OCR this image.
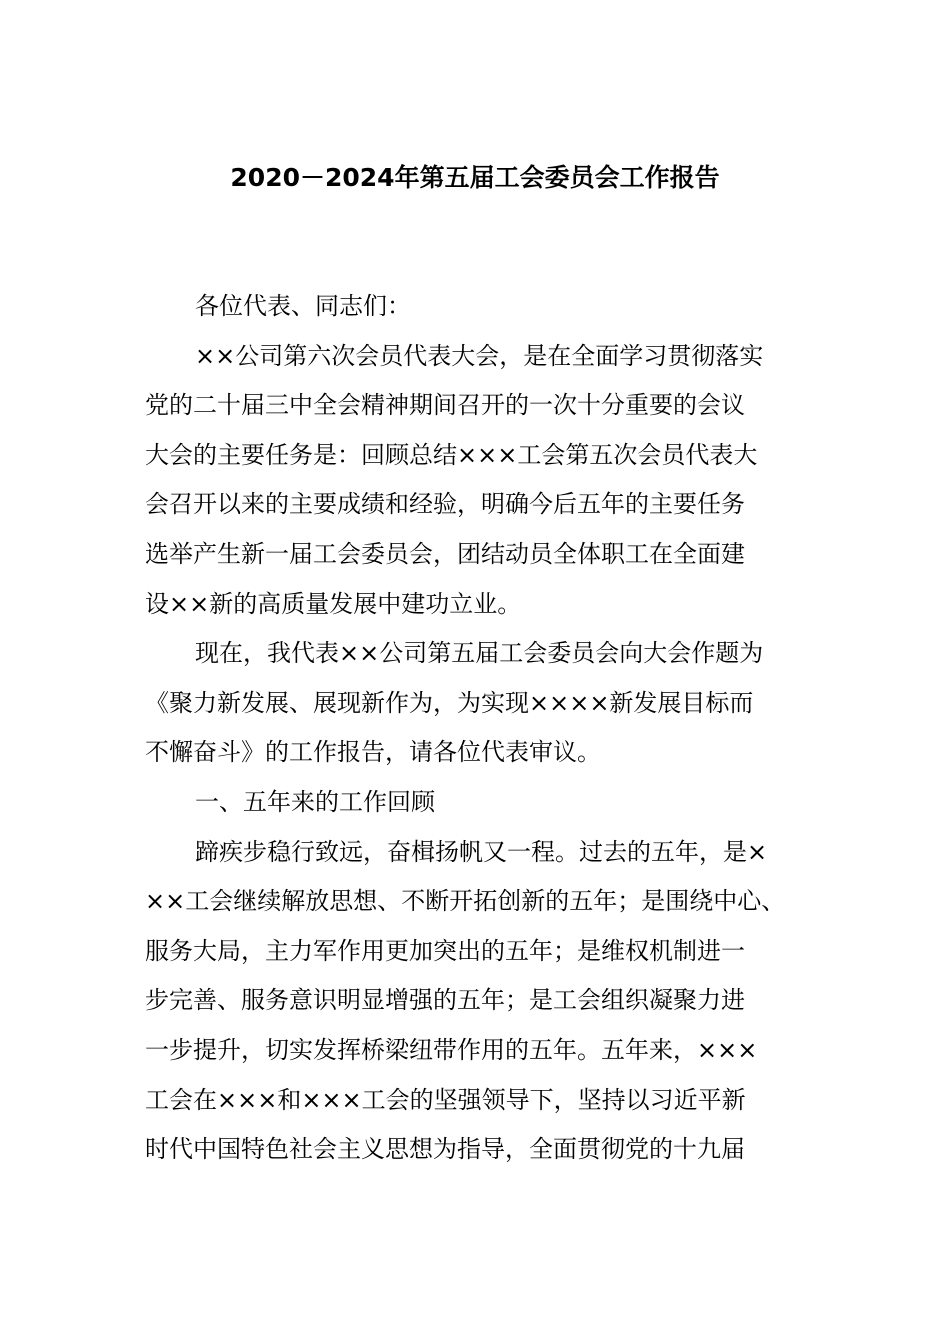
2020－2024年第五届工会委员会工作报告
各位代表、同志们：
××公司第六次会员代表大会，是在全面学习贯彻落实
党的二十届三中全会精神期间召开的一次十分重要的会议
大会的主要任务是：回顾总结×××工会第五次会员代表大
会召开以来的主要成绩和经验，明确今后五年的主要任务
选举产生新一届工会委员会，团结动员全体职工在全面建
设××新的高质量发展中建功立业。
现在，我代表××公司第五届工会委员会向大会作题为
《聚力新发展、展现新作为，为实现××××新发展目标而
不懈奋斗》的工作报告，请各位代表审议。
一、五年来的工作回顾
蹄疾步稳行致远，奋楫扬帆又一程。过去的五年，是×
××工会继续解放思想、不断开拓创新的五年；是围绕中心、
服务大局，主力军作用更加突出的五年；是维权机制进一
步完善、服务意识明显增强的五年；是工会组织凝聚力进
一步提升，切实发挥桥梁纽带作用的五年。五年来，×××
工会在×××和×××工会的坚强领导下，坚持以习近平新
时代中国特色社会主义思想为指导，全面贯彻党的十九届
